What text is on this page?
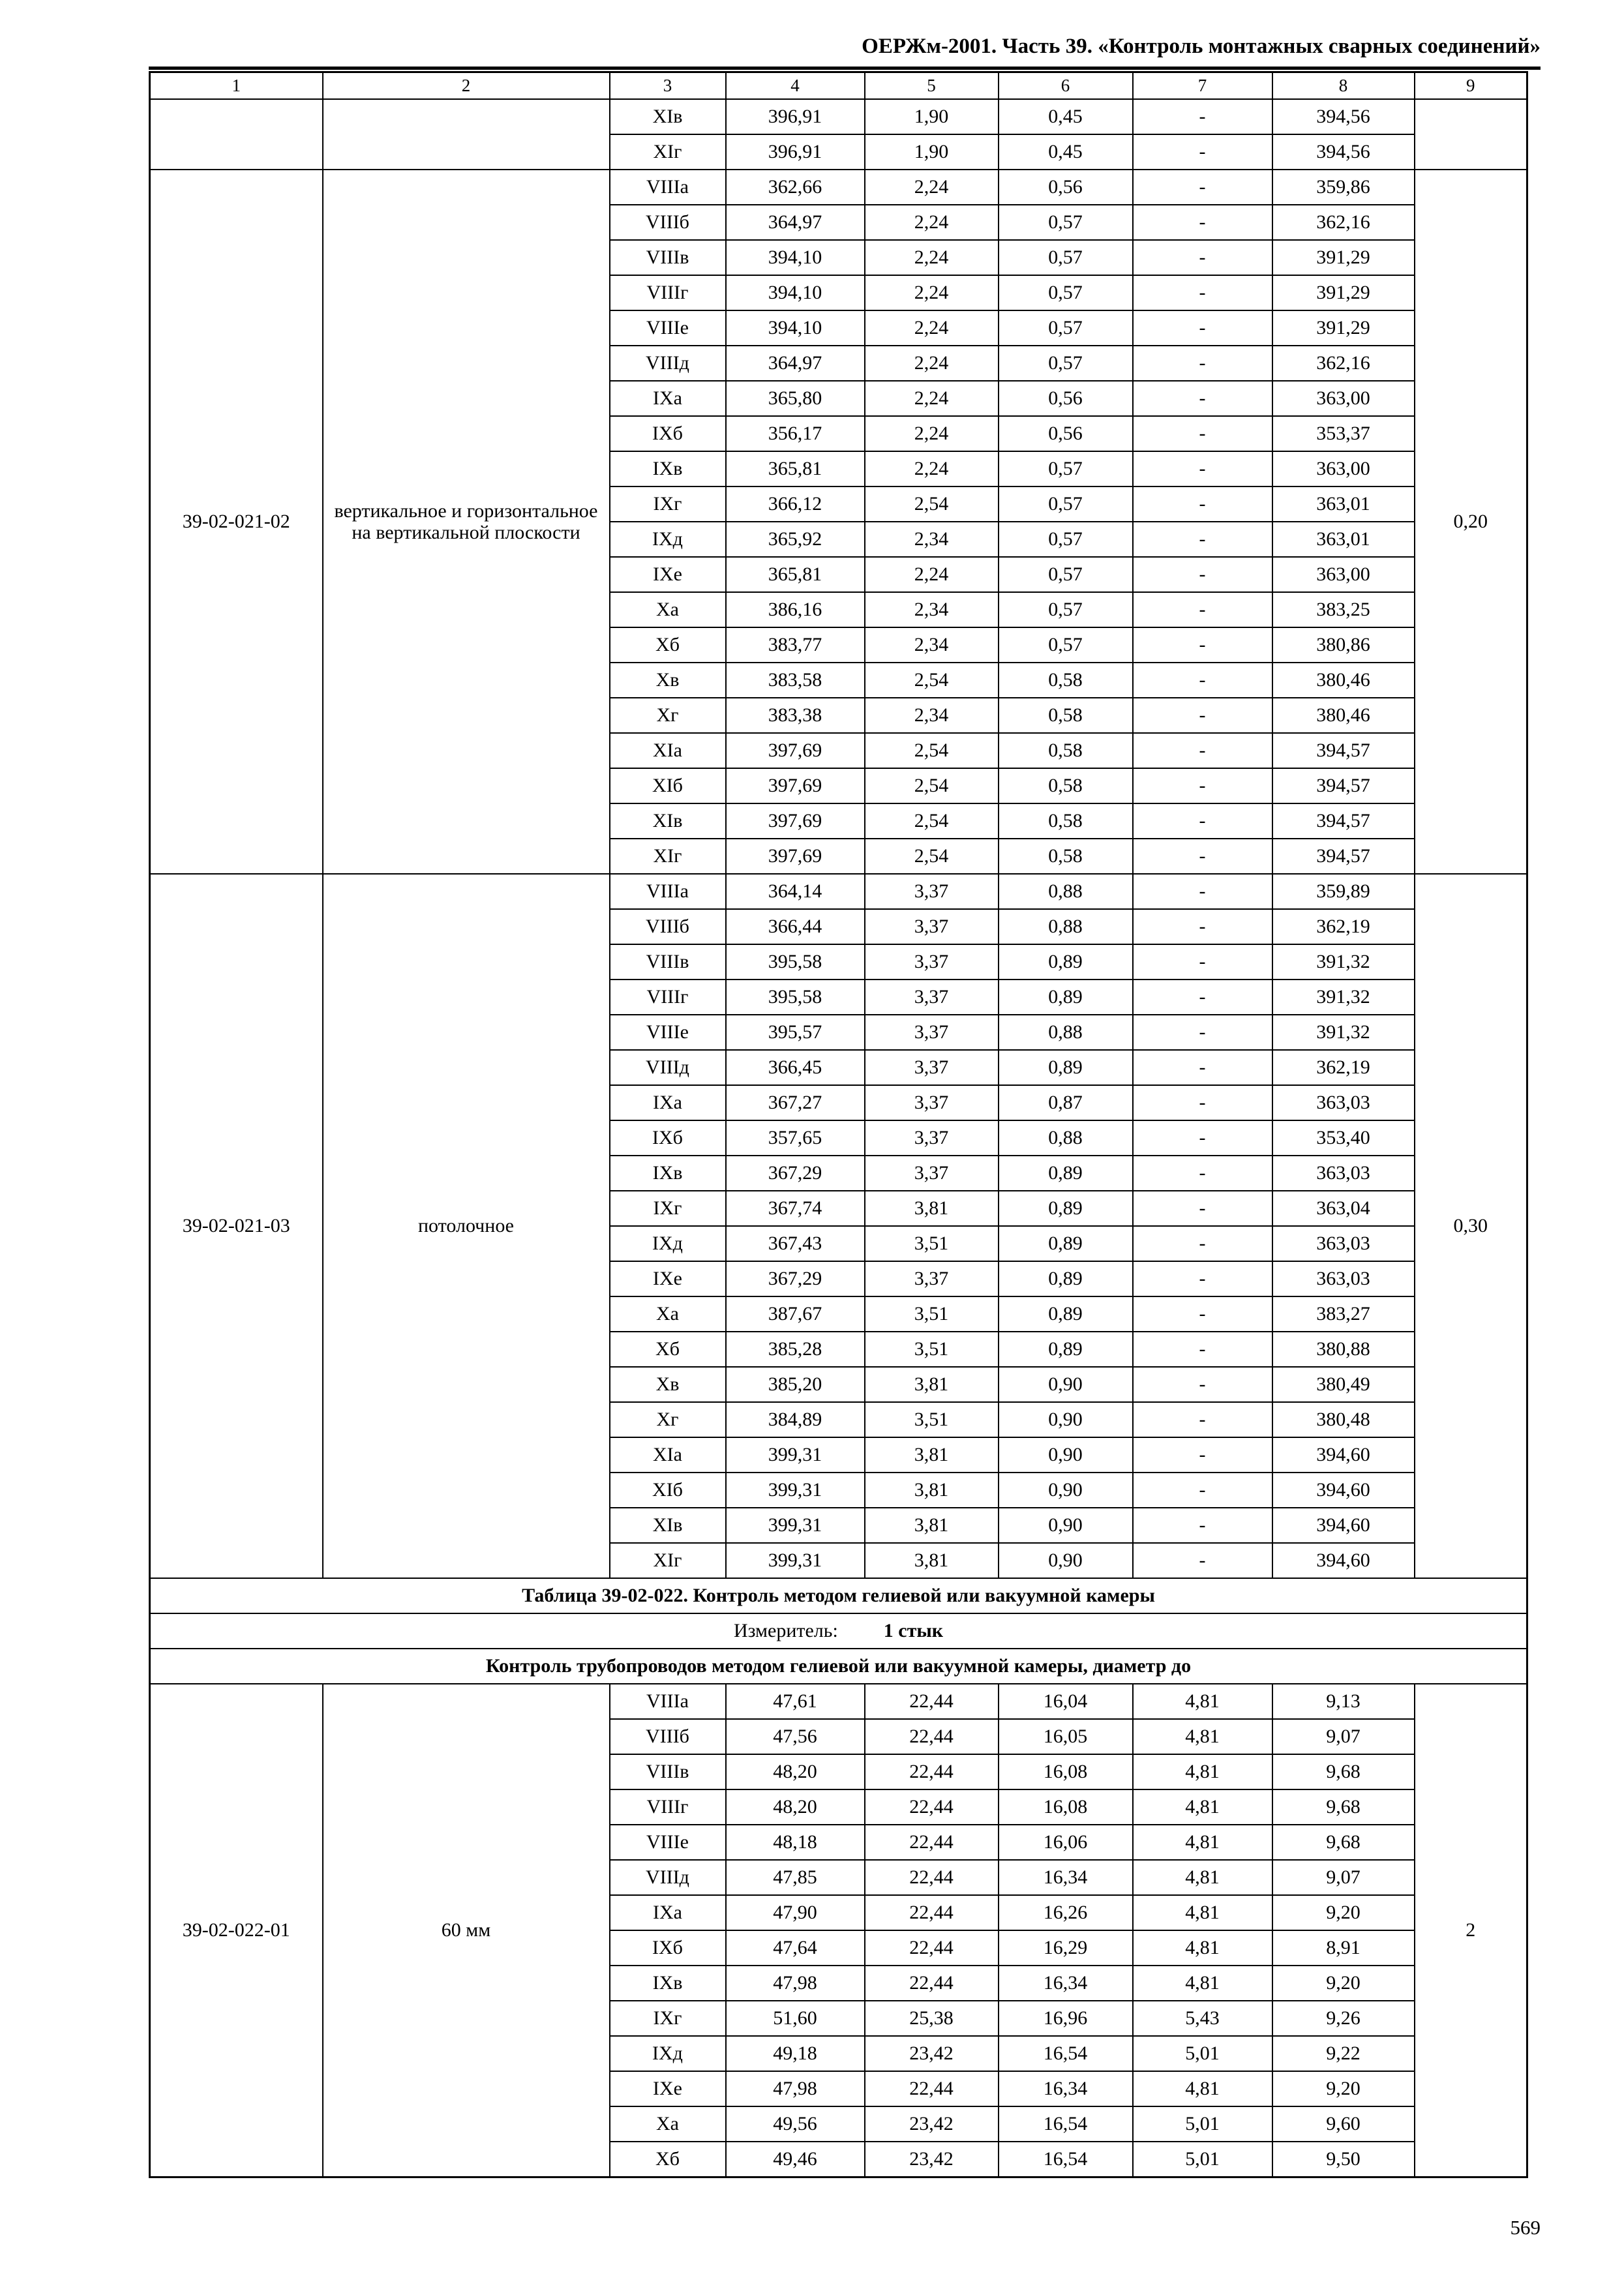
ОЕРЖм-2001. Часть 39. «Контроль монтажных сварных соединений»
1	2	3	4	5	6	7	8	9
		XIв	396,91	1,90	0,45	-	394,56	
		XIг	396,91	1,90	0,45	-	394,56	
39-02-021-02	вертикальное и горизонтальное на вертикальной плоскости	VIIIа	362,66	2,24	0,56	-	359,86	0,20
		VIIIб	364,97	2,24	0,57	-	362,16	
		VIIIв	394,10	2,24	0,57	-	391,29	
		VIIIг	394,10	2,24	0,57	-	391,29	
		VIIIе	394,10	2,24	0,57	-	391,29	
		VIIIд	364,97	2,24	0,57	-	362,16	
		IXа	365,80	2,24	0,56	-	363,00	
		IXб	356,17	2,24	0,56	-	353,37	
		IXв	365,81	2,24	0,57	-	363,00	
		IXг	366,12	2,54	0,57	-	363,01	
		IXд	365,92	2,34	0,57	-	363,01	
		IXе	365,81	2,24	0,57	-	363,00	
		Xа	386,16	2,34	0,57	-	383,25	
		Xб	383,77	2,34	0,57	-	380,86	
		Xв	383,58	2,54	0,58	-	380,46	
		Xг	383,38	2,34	0,58	-	380,46	
		XIа	397,69	2,54	0,58	-	394,57	
		XIб	397,69	2,54	0,58	-	394,57	
		XIв	397,69	2,54	0,58	-	394,57	
		XIг	397,69	2,54	0,58	-	394,57	
39-02-021-03	потолочное	VIIIа	364,14	3,37	0,88	-	359,89	0,30
		VIIIб	366,44	3,37	0,88	-	362,19	
		VIIIв	395,58	3,37	0,89	-	391,32	
		VIIIг	395,58	3,37	0,89	-	391,32	
		VIIIе	395,57	3,37	0,88	-	391,32	
		VIIIд	366,45	3,37	0,89	-	362,19	
		IXа	367,27	3,37	0,87	-	363,03	
		IXб	357,65	3,37	0,88	-	353,40	
		IXв	367,29	3,37	0,89	-	363,03	
		IXг	367,74	3,81	0,89	-	363,04	
		IXд	367,43	3,51	0,89	-	363,03	
		IXе	367,29	3,37	0,89	-	363,03	
		Xа	387,67	3,51	0,89	-	383,27	
		Xб	385,28	3,51	0,89	-	380,88	
		Xв	385,20	3,81	0,90	-	380,49	
		Xг	384,89	3,51	0,90	-	380,48	
		XIа	399,31	3,81	0,90	-	394,60	
		XIб	399,31	3,81	0,90	-	394,60	
		XIв	399,31	3,81	0,90	-	394,60	
		XIг	399,31	3,81	0,90	-	394,60	
Таблица 39-02-022. Контроль методом гелиевой или вакуумной камеры								
Измеритель: 1 стык								
Контроль трубопроводов методом гелиевой или вакуумной камеры, диаметр до								
39-02-022-01	60 мм	VIIIа	47,61	22,44	16,04	4,81	9,13	2
		VIIIб	47,56	22,44	16,05	4,81	9,07	
		VIIIв	48,20	22,44	16,08	4,81	9,68	
		VIIIг	48,20	22,44	16,08	4,81	9,68	
		VIIIе	48,18	22,44	16,06	4,81	9,68	
		VIIIд	47,85	22,44	16,34	4,81	9,07	
		IXа	47,90	22,44	16,26	4,81	9,20	
		IXб	47,64	22,44	16,29	4,81	8,91	
		IXв	47,98	22,44	16,34	4,81	9,20	
		IXг	51,60	25,38	16,96	5,43	9,26	
		IXд	49,18	23,42	16,54	5,01	9,22	
		IXе	47,98	22,44	16,34	4,81	9,20	
		Xа	49,56	23,42	16,54	5,01	9,60	
		Хб	49,46	23,42	16,54	5,01	9,50	
569
